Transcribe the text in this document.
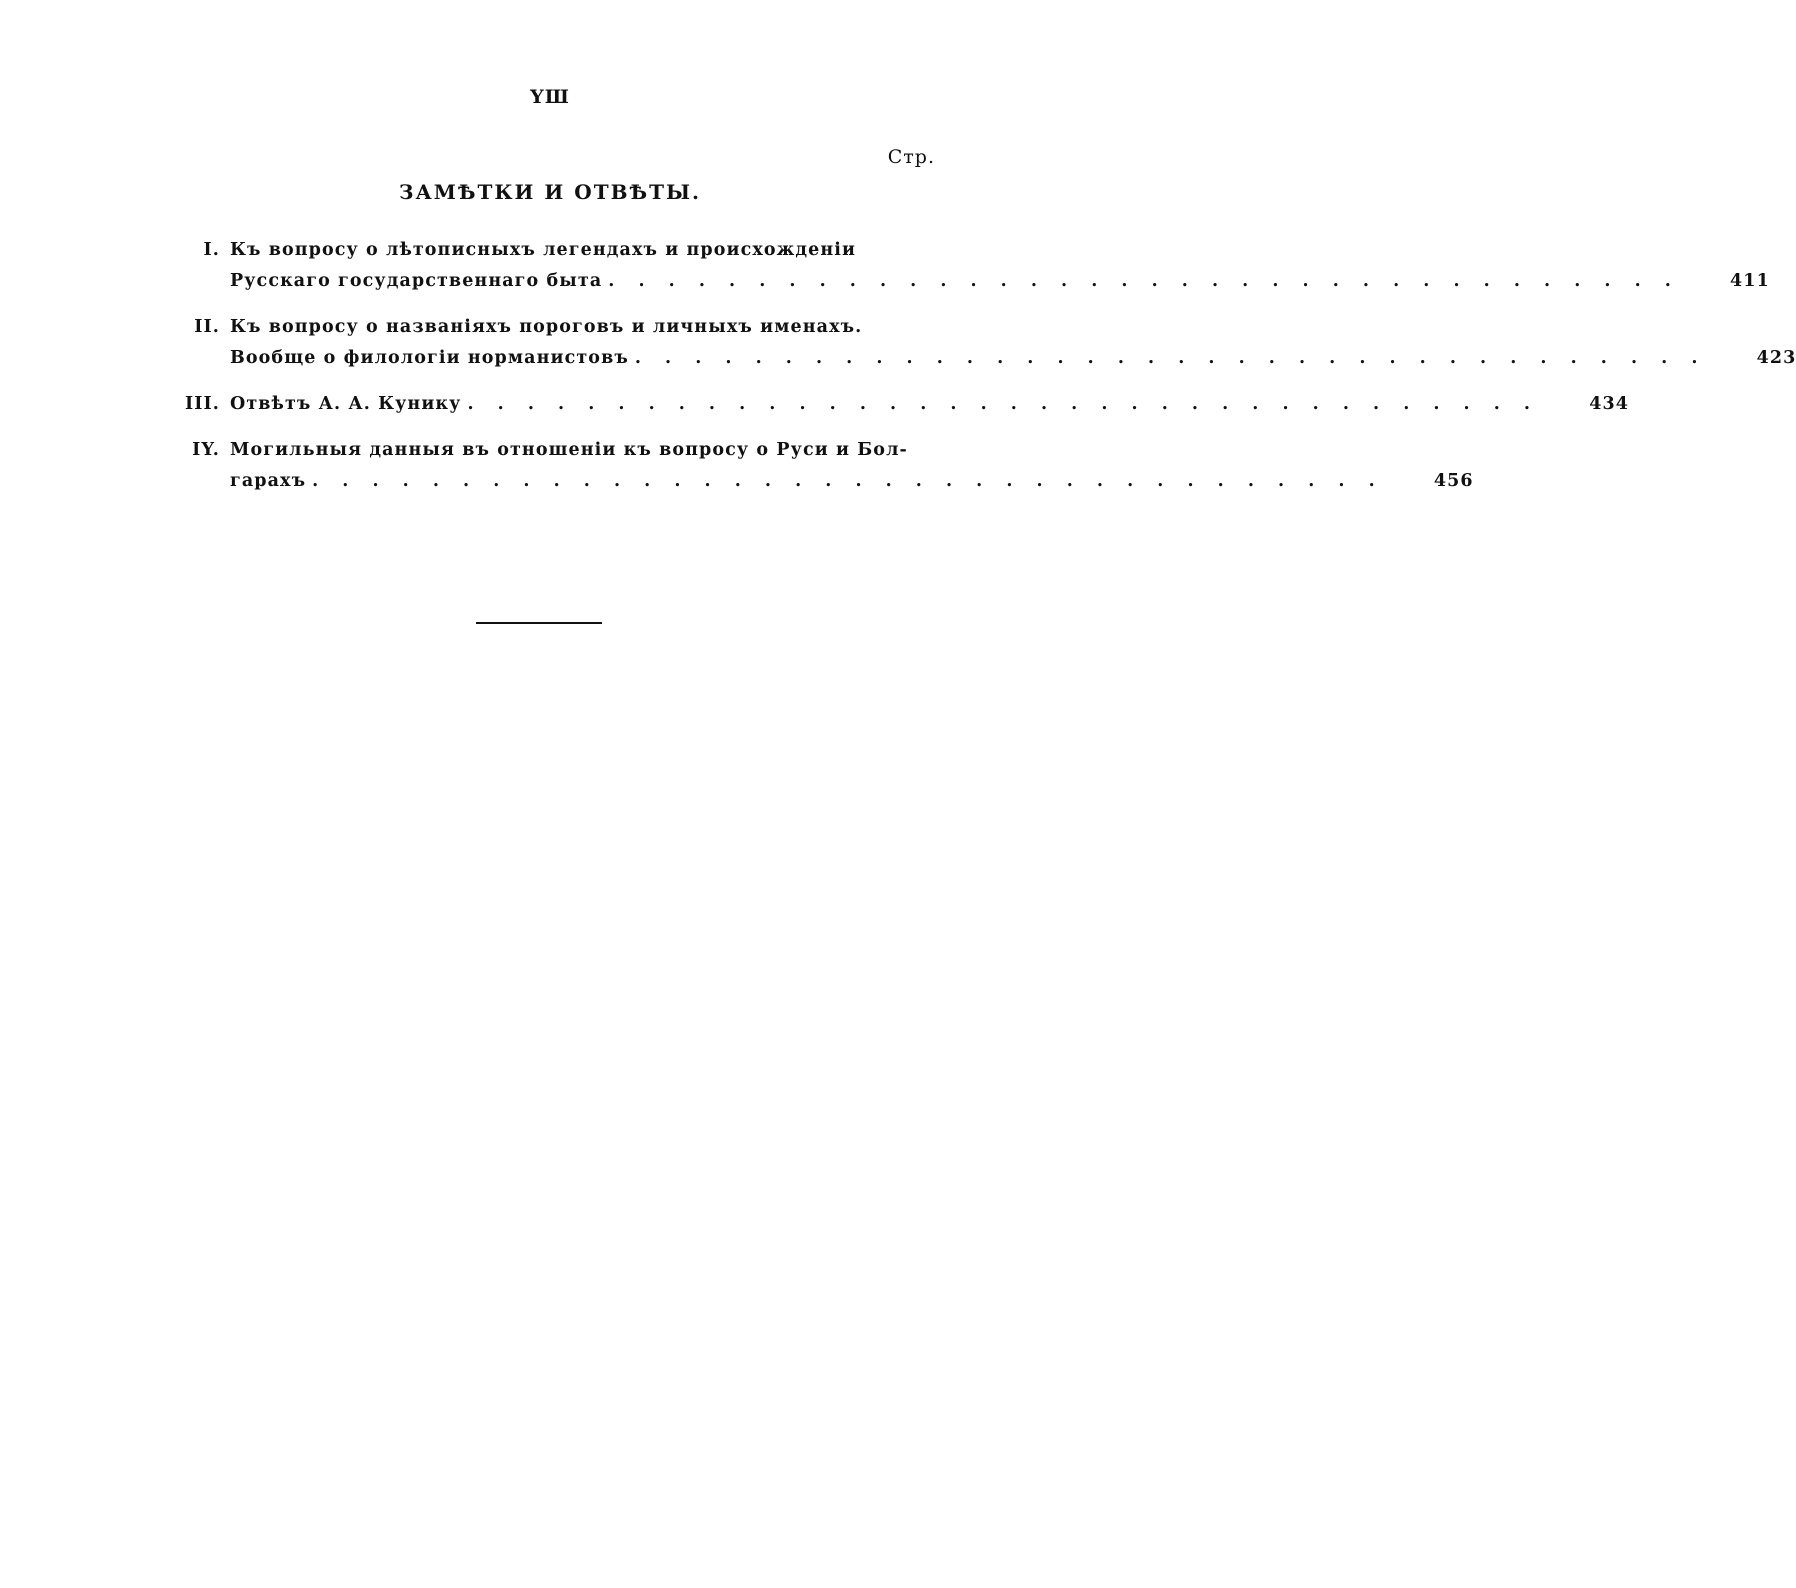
YШ
Стр.
ЗАМѢТКИ И ОТВѢТЫ.
I. Къ вопросу о лѣтописныхъ легендахъ и происхожденіи
Русскаго государственнаго быта . . . . . . . . . . . . . . . . . . . . . . . . . . . . . . . . . . . .	411
II. Къ вопросу о названіяхъ пороговъ и личныхъ именахъ.
Вообще о филологіи норманистовъ . . . . . . . . . . . . . . . . . . . . . . . . . . . . . . . . . . . .	423
III. Отвѣтъ А. А. Кунику . . . . . . . . . . . . . . . . . . . . . . . . . . . . . . . . . . . .	434
IY. Могильныя данныя въ отношеніи къ вопросу о Руси и Бол-
гарахъ . . . . . . . . . . . . . . . . . . . . . . . . . . . . . . . . . . . .	456
